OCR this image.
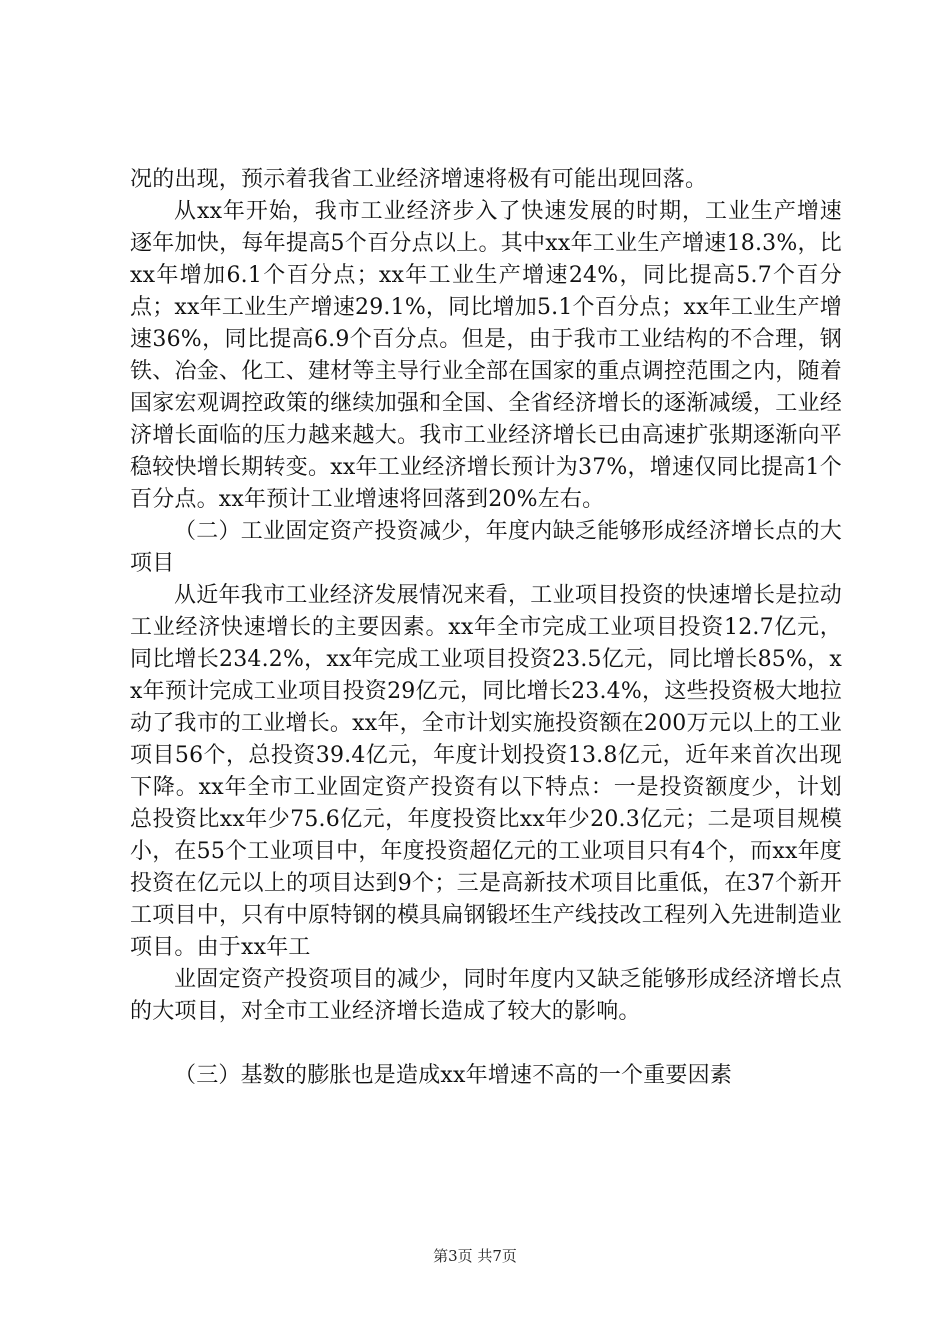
况的出现，预示着我省工业经济增速将极有可能出现回落。

从xx年开始，我市工业经济步入了快速发展的时期，工业生产增速逐年加快，每年提高5个百分点以上。其中xx年工业生产增速18.3%，比xx年增加6.1个百分点；xx年工业生产增速24%，同比提高5.7个百分点；xx年工业生产增速29.1%，同比增加5.1个百分点；xx年工业生产增速36%，同比提高6.9个百分点。但是，由于我市工业结构的不合理，钢铁、冶金、化工、建材等主导行业全部在国家的重点调控范围之内，随着国家宏观调控政策的继续加强和全国、全省经济增长的逐渐减缓，工业经济增长面临的压力越来越大。我市工业经济增长已由高速扩张期逐渐向平稳较快增长期转变。xx年工业经济增长预计为37%，增速仅同比提高1个百分点。xx年预计工业增速将回落到20%左右。

（二）工业固定资产投资减少，年度内缺乏能够形成经济增长点的大项目

从近年我市工业经济发展情况来看，工业项目投资的快速增长是拉动工业经济快速增长的主要因素。xx年全市完成工业项目投资12.7亿元，同比增长234.2%，xx年完成工业项目投资23.5亿元，同比增长85%，xx年预计完成工业项目投资29亿元，同比增长23.4%，这些投资极大地拉动了我市的工业增长。xx年，全市计划实施投资额在200万元以上的工业项目56个，总投资39.4亿元，年度计划投资13.8亿元，近年来首次出现下降。xx年全市工业固定资产投资有以下特点：一是投资额度少，计划总投资比xx年少75.6亿元，年度投资比xx年少20.3亿元；二是项目规模小，在55个工业项目中，年度投资超亿元的工业项目只有4个，而xx年度投资在亿元以上的项目达到9个；三是高新技术项目比重低，在37个新开工项目中，只有中原特钢的模具扁钢锻坯生产线技改工程列入先进制造业项目。由于xx年工

业固定资产投资项目的减少，同时年度内又缺乏能够形成经济增长点的大项目，对全市工业经济增长造成了较大的影响。

（三）基数的膨胀也是造成xx年增速不高的一个重要因素

第3页 共7页
